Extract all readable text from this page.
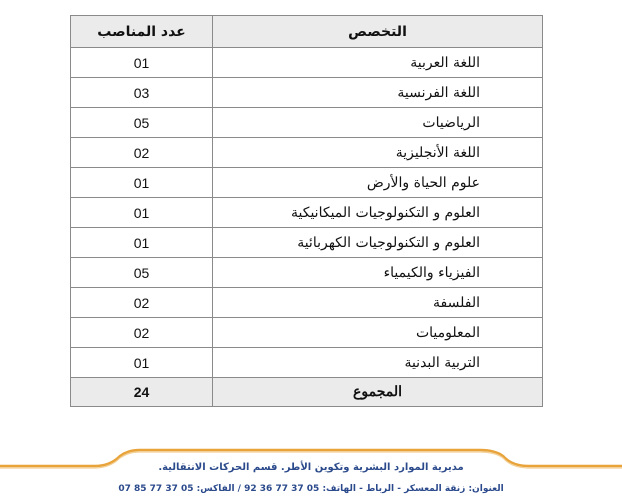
التخصص	عدد المناصب
اللغة العربية	01
اللغة الفرنسية	03
الرياضيات	05
اللغة الأنجليزية	02
علوم الحياة والأرض	01
العلوم و التكنولوجيات الميكانيكية	01
العلوم و التكنولوجيات الكهربائية	01
الفيزياء والكيمياء	05
الفلسفة	02
المعلوميات	02
التربية البدنية	01
المجموع	24
مديرية الموارد البشرية وتكوين الأطر. قسم الحركات الانتقالية.
العنوان: زنقة المعسكر - الرباط - الهاتف: 05 37 77 36 92 / الفاكس: 05 37 77 85 07
